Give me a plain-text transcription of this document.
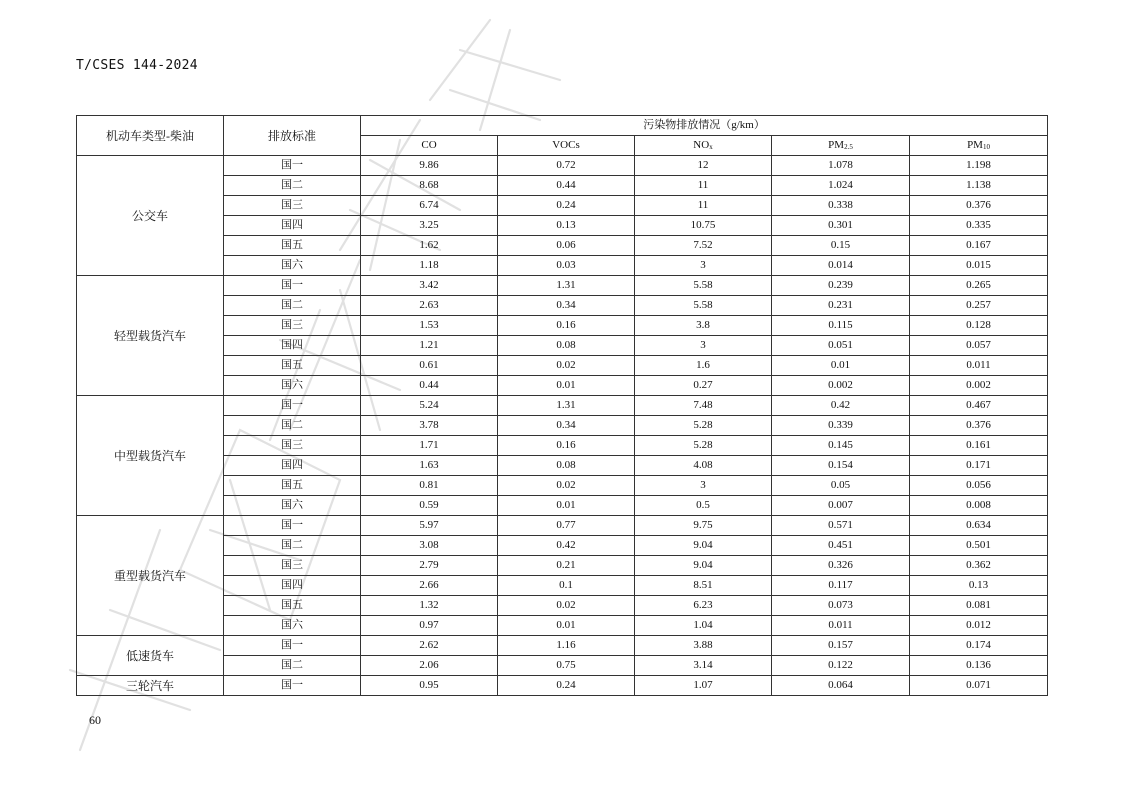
T/CSES 144-2024
机动车类型-柴油	排放标准	污染物排放情况（g/km）				
		CO	VOCs	NOx	PM2.5	PM10
公交车	国一	9.86	0.72	12	1.078	1.198
	国二	8.68	0.44	11	1.024	1.138
	国三	6.74	0.24	11	0.338	0.376
	国四	3.25	0.13	10.75	0.301	0.335
	国五	1.62	0.06	7.52	0.15	0.167
	国六	1.18	0.03	3	0.014	0.015
轻型载货汽车	国一	3.42	1.31	5.58	0.239	0.265
	国二	2.63	0.34	5.58	0.231	0.257
	国三	1.53	0.16	3.8	0.115	0.128
	国四	1.21	0.08	3	0.051	0.057
	国五	0.61	0.02	1.6	0.01	0.011
	国六	0.44	0.01	0.27	0.002	0.002
中型载货汽车	国一	5.24	1.31	7.48	0.42	0.467
	国二	3.78	0.34	5.28	0.339	0.376
	国三	1.71	0.16	5.28	0.145	0.161
	国四	1.63	0.08	4.08	0.154	0.171
	国五	0.81	0.02	3	0.05	0.056
	国六	0.59	0.01	0.5	0.007	0.008
重型载货汽车	国一	5.97	0.77	9.75	0.571	0.634
	国二	3.08	0.42	9.04	0.451	0.501
	国三	2.79	0.21	9.04	0.326	0.362
	国四	2.66	0.1	8.51	0.117	0.13
	国五	1.32	0.02	6.23	0.073	0.081
	国六	0.97	0.01	1.04	0.011	0.012
低速货车	国一	2.62	1.16	3.88	0.157	0.174
	国二	2.06	0.75	3.14	0.122	0.136
三轮汽车	国一	0.95	0.24	1.07	0.064	0.071
60
